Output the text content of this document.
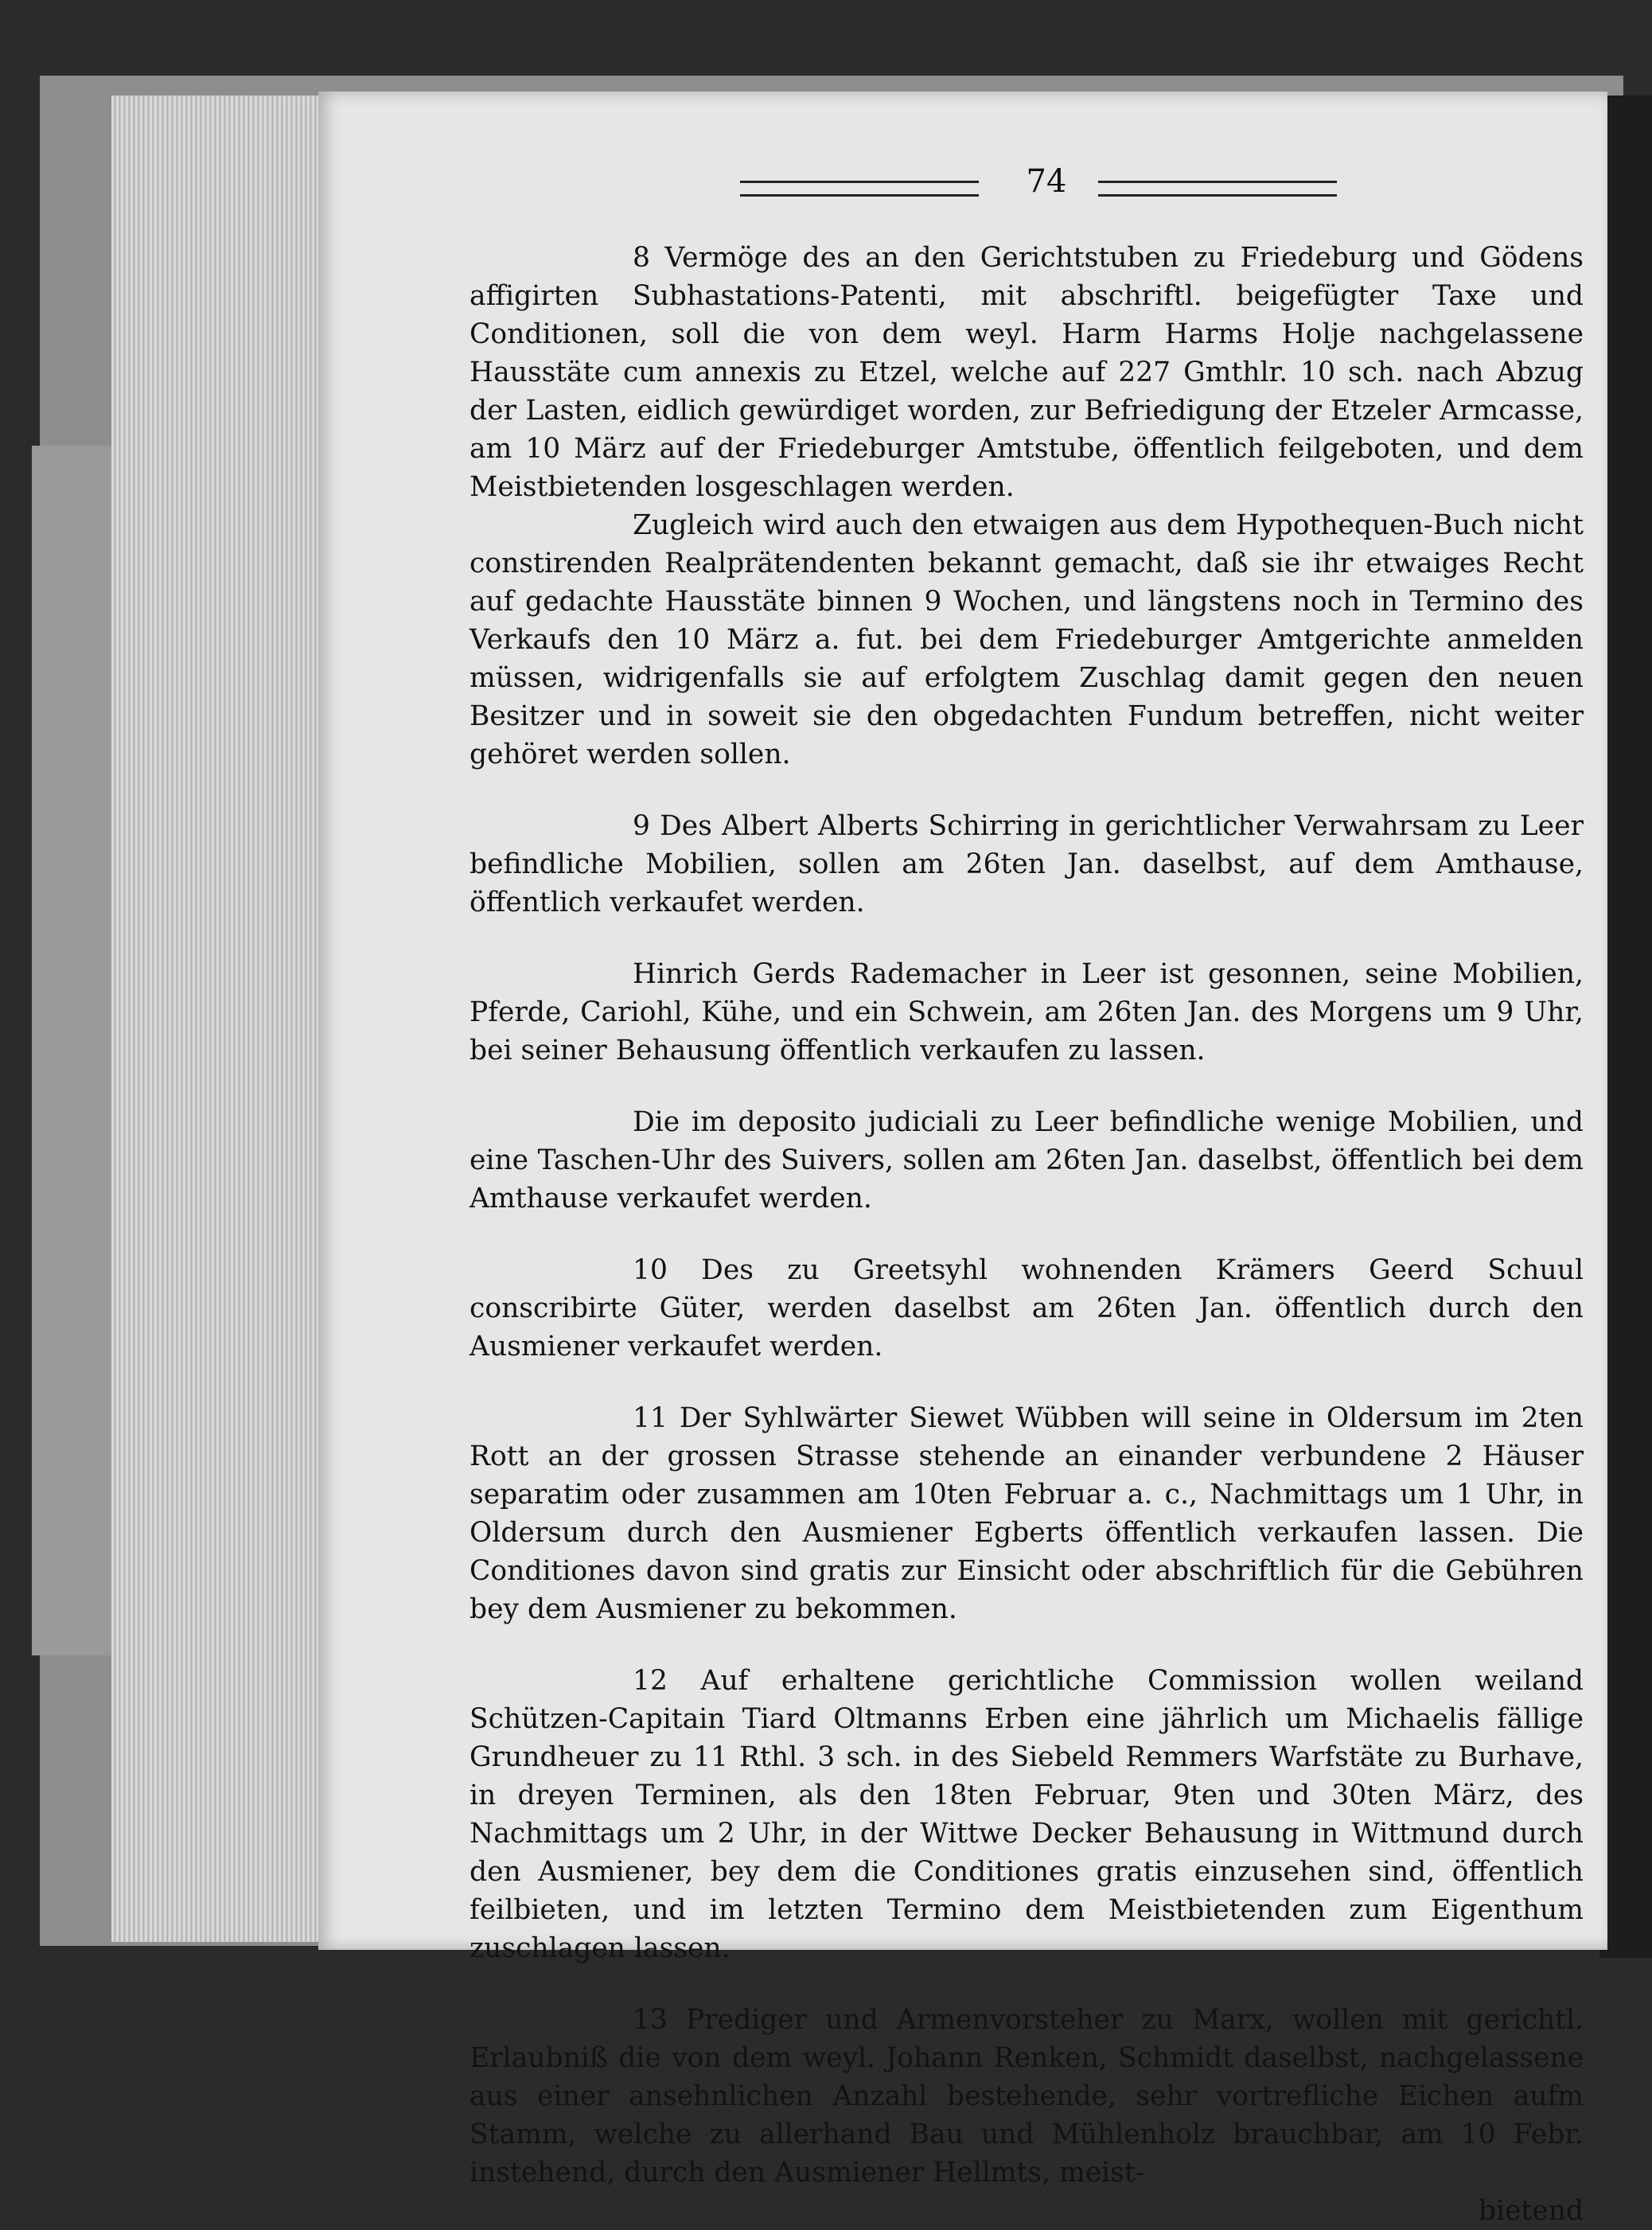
74

8 Vermöge des an den Gerichtstuben zu Friedeburg und Gödens affigirten Subhastations-Patenti, mit abschriftl. beigefügter Taxe und Conditionen, soll die von dem weyl. Harm Harms Holje nachgelassene Hausstäte cum annexis zu Etzel, welche auf 227 Gmthlr. 10 sch. nach Abzug der Lasten, eidlich gewürdiget worden, zur Befriedigung der Etzeler Armcasse, am 10 März auf der Friedeburger Amtstube, öffentlich feilgeboten, und dem Meistbietenden losgeschlagen werden.

Zugleich wird auch den etwaigen aus dem Hypothequen-Buch nicht constirenden Realprätendenten bekannt gemacht, daß sie ihr etwaiges Recht auf gedachte Hausstäte binnen 9 Wochen, und längstens noch in Termino des Verkaufs den 10 März a. fut. bei dem Friedeburger Amtgerichte anmelden müssen, widrigenfalls sie auf erfolgtem Zuschlag damit gegen den neuen Besitzer und in soweit sie den obgedachten Fundum betreffen, nicht weiter gehöret werden sollen.

9 Des Albert Alberts Schirring in gerichtlicher Verwahrsam zu Leer befindliche Mobilien, sollen am 26ten Jan. daselbst, auf dem Amthause, öffentlich verkaufet werden.

Hinrich Gerds Rademacher in Leer ist gesonnen, seine Mobilien, Pferde, Cariohl, Kühe, und ein Schwein, am 26ten Jan. des Morgens um 9 Uhr, bei seiner Behausung öffentlich verkaufen zu lassen.

Die im deposito judiciali zu Leer befindliche wenige Mobilien, und eine Taschen-Uhr des Suivers, sollen am 26ten Jan. daselbst, öffentlich bei dem Amthause verkaufet werden.

10 Des zu Greetsyhl wohnenden Krämers Geerd Schuul conscribirte Güter, werden daselbst am 26ten Jan. öffentlich durch den Ausmiener verkaufet werden.

11 Der Syhlwärter Siewet Wübben will seine in Oldersum im 2ten Rott an der grossen Strasse stehende an einander verbundene 2 Häuser separatim oder zusammen am 10ten Februar a. c., Nachmittags um 1 Uhr, in Oldersum durch den Ausmiener Egberts öffentlich verkaufen lassen. Die Conditiones davon sind gratis zur Einsicht oder abschriftlich für die Gebühren bey dem Ausmiener zu bekommen.

12 Auf erhaltene gerichtliche Commission wollen weiland Schützen-Capitain Tiard Oltmanns Erben eine jährlich um Michaelis fällige Grundheuer zu 11 Rthl. 3 sch. in des Siebeld Remmers Warfstäte zu Burhave, in dreyen Terminen, als den 18ten Februar, 9ten und 30ten März, des Nachmittags um 2 Uhr, in der Wittwe Decker Behausung in Wittmund durch den Ausmiener, bey dem die Conditiones gratis einzusehen sind, öffentlich feilbieten, und im letzten Termino dem Meistbietenden zum Eigenthum zuschlagen lassen.

13 Prediger und Armenvorsteher zu Marx, wollen mit gerichtl. Erlaubniß die von dem weyl. Johann Renken, Schmidt daselbst, nachgelassene aus einer ansehnlichen Anzahl bestehende, sehr vortrefliche Eichen aufm Stamm, welche zu allerhand Bau und Mühlenholz brauchbar, am 10 Febr. instehend, durch den Ausmiener Hellmts, meist-

bietend
